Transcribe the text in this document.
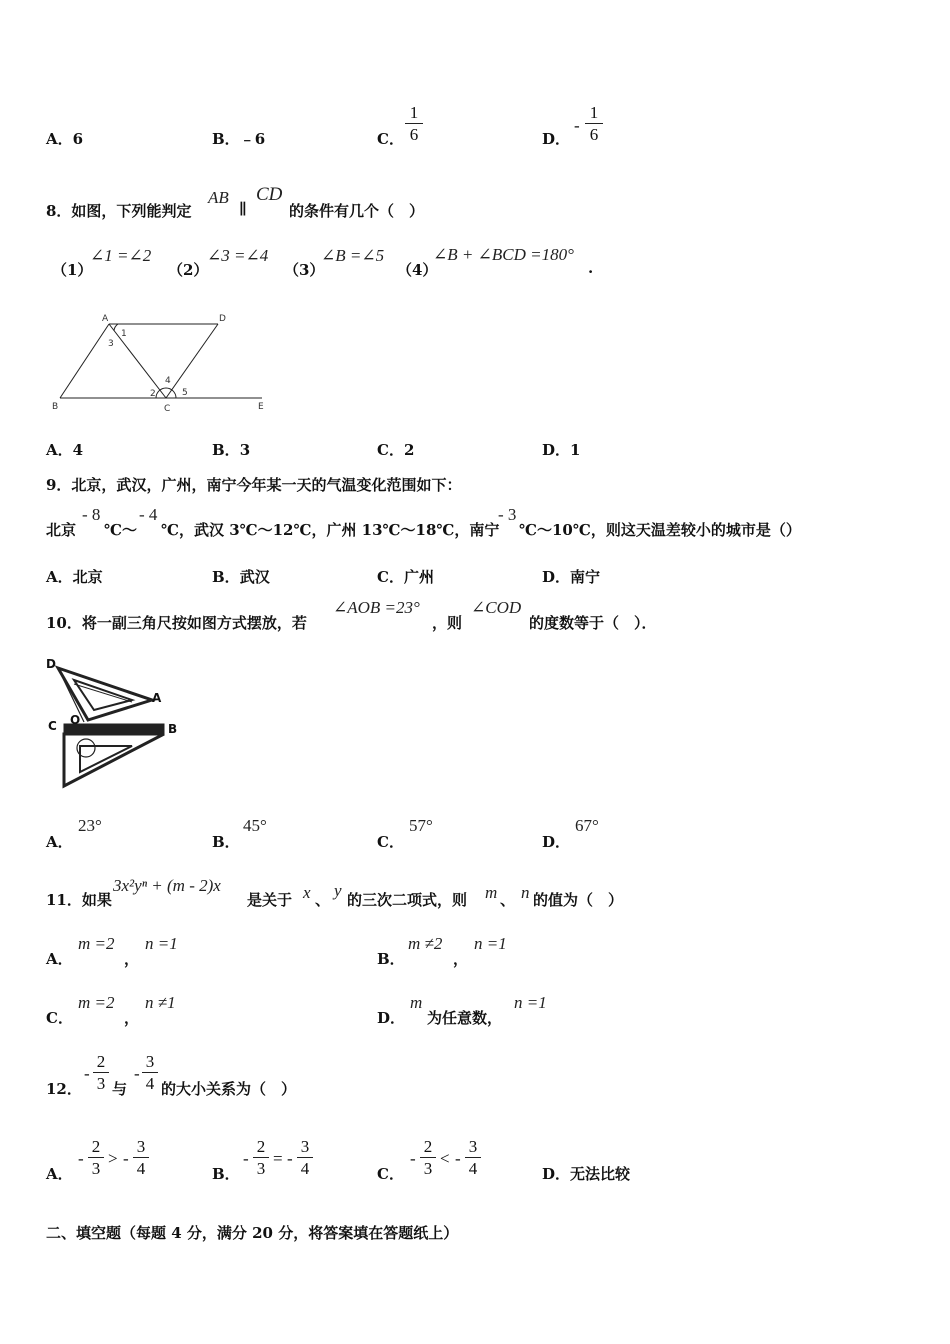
A．6	B．﹣6	C．
1
6	D．
-
1
6
8．如图，下列能判定
AB
∥
CD
的条件有几个（　）
（1）
∠1 =∠2
（2）
∠3 =∠4
（3）
∠B =∠5
（4）
∠B + ∠BCD =180°
.
A	D
B	C	E
1
3
2
4
5
A．4	B．3	C．2	D．1
9．北京，武汉，广州，南宁今年某一天的气温变化范围如下：
北京
- 8
℃～
- 4
℃，武汉 3℃～12℃，广州 13℃～18℃，南宁
- 3
℃～10℃，则这天温差较小的城市是（）
A．北京	B．武汉	C．广州	D．南宁
10．将一副三角尺按如图方式摆放，若
∠AOB =23°
，则
∠COD
的度数等于（　）．
D
A
C O
B
A．
23°
B．
45°
C．
57°
D．
67°
11．如果
3x²yⁿ + (m - 2)x
是关于 x 、 y 的三次二项式，则 m 、 n 的值为（　）
A．
m =2
，
n =1
B．
m ≠2
，
n =1
C．
m =2
，
n ≠1
D．
m
为任意数，
n =1
12．
-
2
3 与
-
3
4 的大小关系为（　）
A．
-
2
3
> -
3
4	B．
-
2
3
= -
3
4	C．
-
2
3
< -
3
4	D．无法比较
二、填空题（每题 4 分，满分 20 分，将答案填在答题纸上）
